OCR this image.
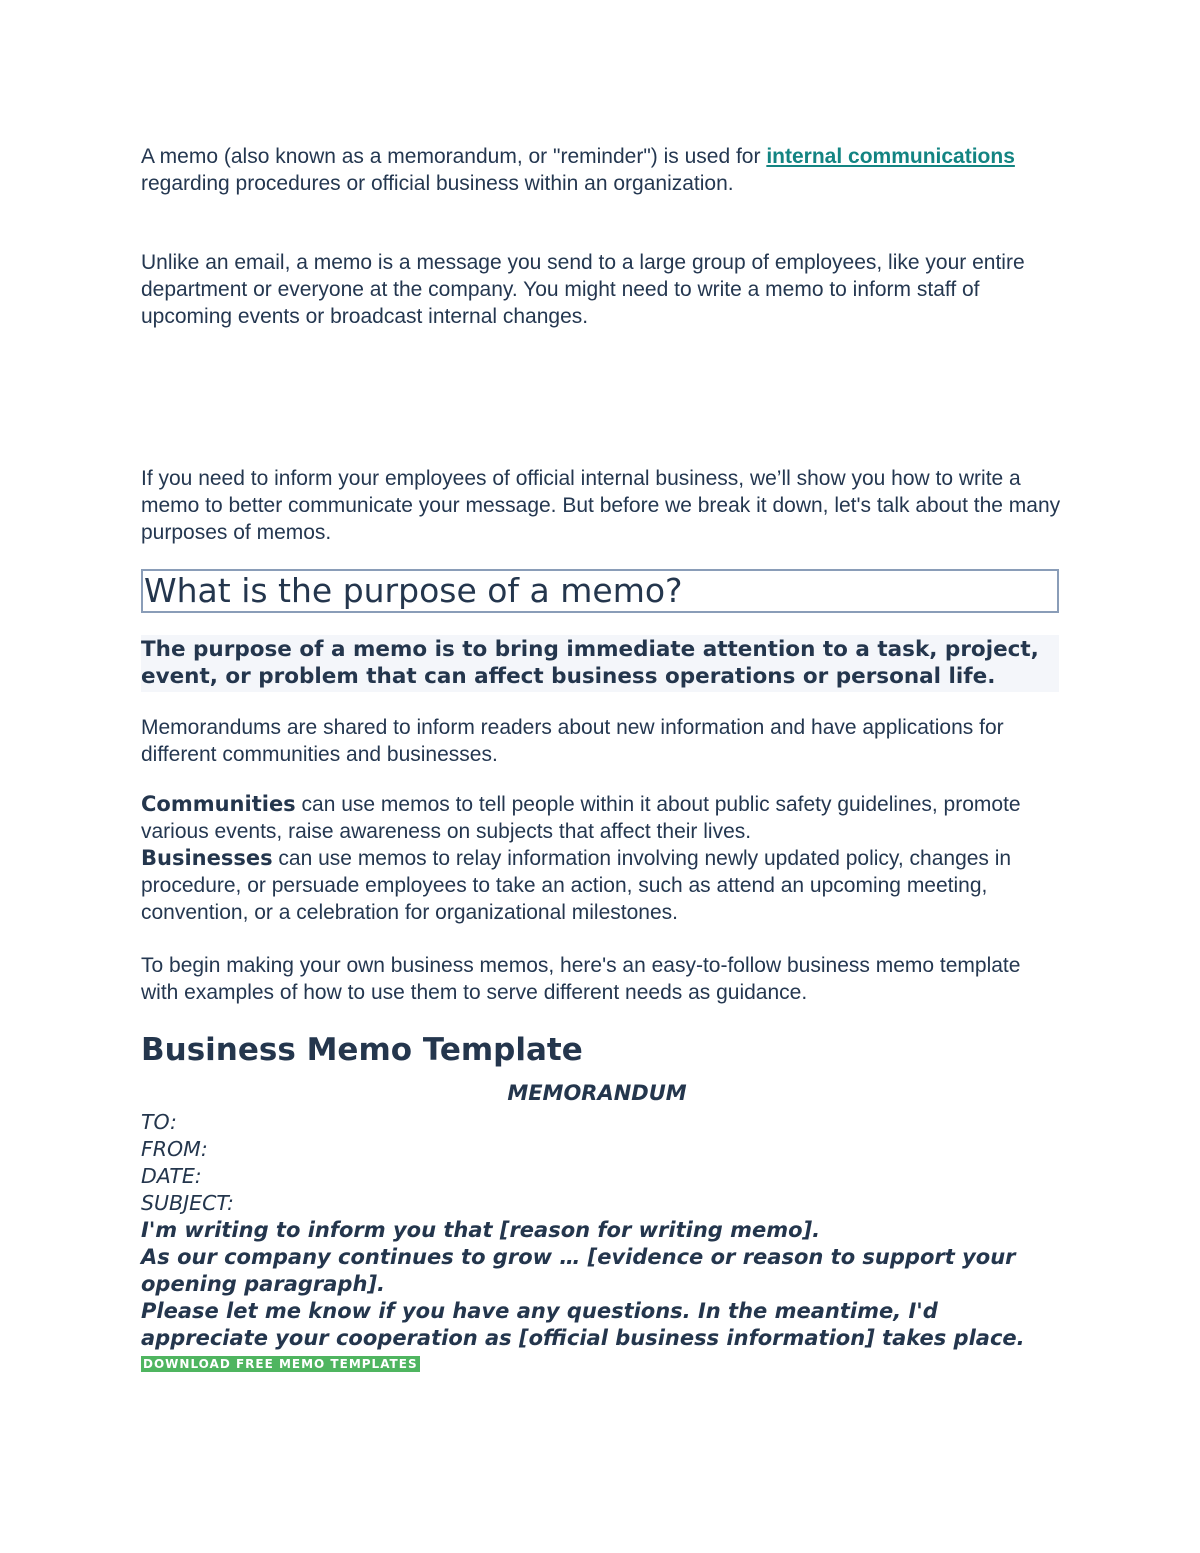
A memo (also known as a memorandum, or "reminder") is used for internal communications regarding procedures or official business within an organization.

Unlike an email, a memo is a message you send to a large group of employees, like your entire department or everyone at the company. You might need to write a memo to inform staff of upcoming events or broadcast internal changes.

If you need to inform your employees of official internal business, we’ll show you how to write a memo to better communicate your message. But before we break it down, let's talk about the many purposes of memos.

What is the purpose of a memo?
The purpose of a memo is to bring immediate attention to a task, project, event, or problem that can affect business operations or personal life.

Memorandums are shared to inform readers about new information and have applications for different communities and businesses.

Communities can use memos to tell people within it about public safety guidelines, promote various events, raise awareness on subjects that affect their lives.
Businesses can use memos to relay information involving newly updated policy, changes in procedure, or persuade employees to take an action, such as attend an upcoming meeting, convention, or a celebration for organizational milestones.

To begin making your own business memos, here's an easy-to-follow business memo template with examples of how to use them to serve different needs as guidance.

Business Memo Template
MEMORANDUM
TO:
FROM:
DATE:
SUBJECT:
I'm writing to inform you that [reason for writing memo].
As our company continues to grow … [evidence or reason to support your opening paragraph].
Please let me know if you have any questions. In the meantime, I'd appreciate your cooperation as [official business information] takes place.
DOWNLOAD FREE MEMO TEMPLATES
